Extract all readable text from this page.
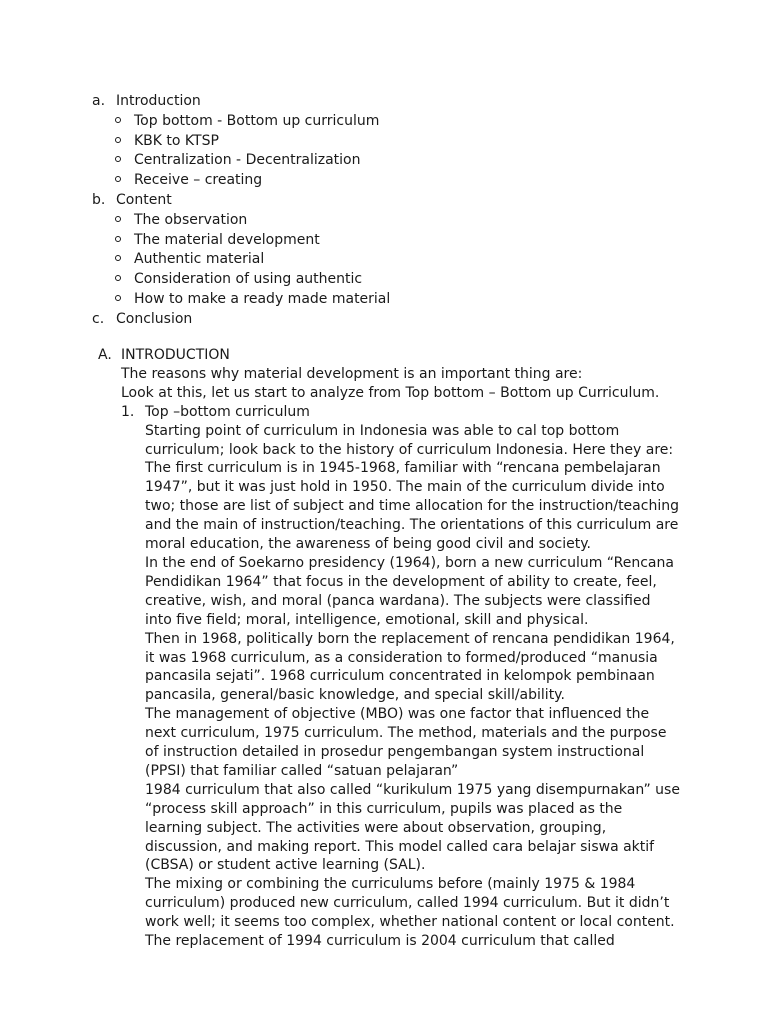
a. Introduction
Top bottom - Bottom up curriculum
KBK to KTSP
Centralization - Decentralization
Receive – creating
b. Content
The observation
The material development
Authentic material
Consideration of using authentic
How to make a ready made material
c. Conclusion
A. INTRODUCTION
The reasons why material development is an important thing are:
Look at this, let us start to analyze from Top bottom – Bottom up Curriculum.
1. Top –bottom curriculum

Starting point of curriculum in Indonesia was able to cal top bottom curriculum; look back to the history of curriculum Indonesia. Here they are:

The first curriculum is in 1945-1968, familiar with “rencana pembelajaran 1947”, but it was just hold in 1950. The main of the curriculum divide into two; those are list of subject and time allocation for the instruction/teaching and the main of instruction/teaching. The orientations of this curriculum are moral education, the awareness of being good civil and society.

In the end of Soekarno presidency (1964), born a new curriculum “Rencana Pendidikan 1964” that focus in the development of ability to create, feel, creative, wish, and moral (panca wardana). The subjects were classified into five field; moral, intelligence, emotional, skill and physical.

Then in 1968, politically born the replacement of rencana pendidikan 1964, it was 1968 curriculum, as a consideration to formed/produced “manusia pancasila sejati”. 1968 curriculum concentrated in kelompok pembinaan pancasila, general/basic knowledge, and special skill/ability.

The management of objective (MBO) was one factor that influenced the next curriculum, 1975 curriculum. The method, materials and the purpose of instruction detailed in prosedur pengembangan system instructional (PPSI) that familiar called “satuan pelajaran”

1984 curriculum that also called “kurikulum 1975 yang disempurnakan” use “process skill approach” in this curriculum, pupils was placed as the learning subject. The activities were about observation, grouping, discussion, and making report. This model called cara belajar siswa aktif (CBSA) or student active learning (SAL).

The mixing or combining the curriculums before (mainly 1975 & 1984 curriculum) produced new curriculum, called 1994 curriculum. But it didn’t work well; it seems too complex, whether national content or local content.

The replacement of 1994 curriculum is 2004 curriculum that called
